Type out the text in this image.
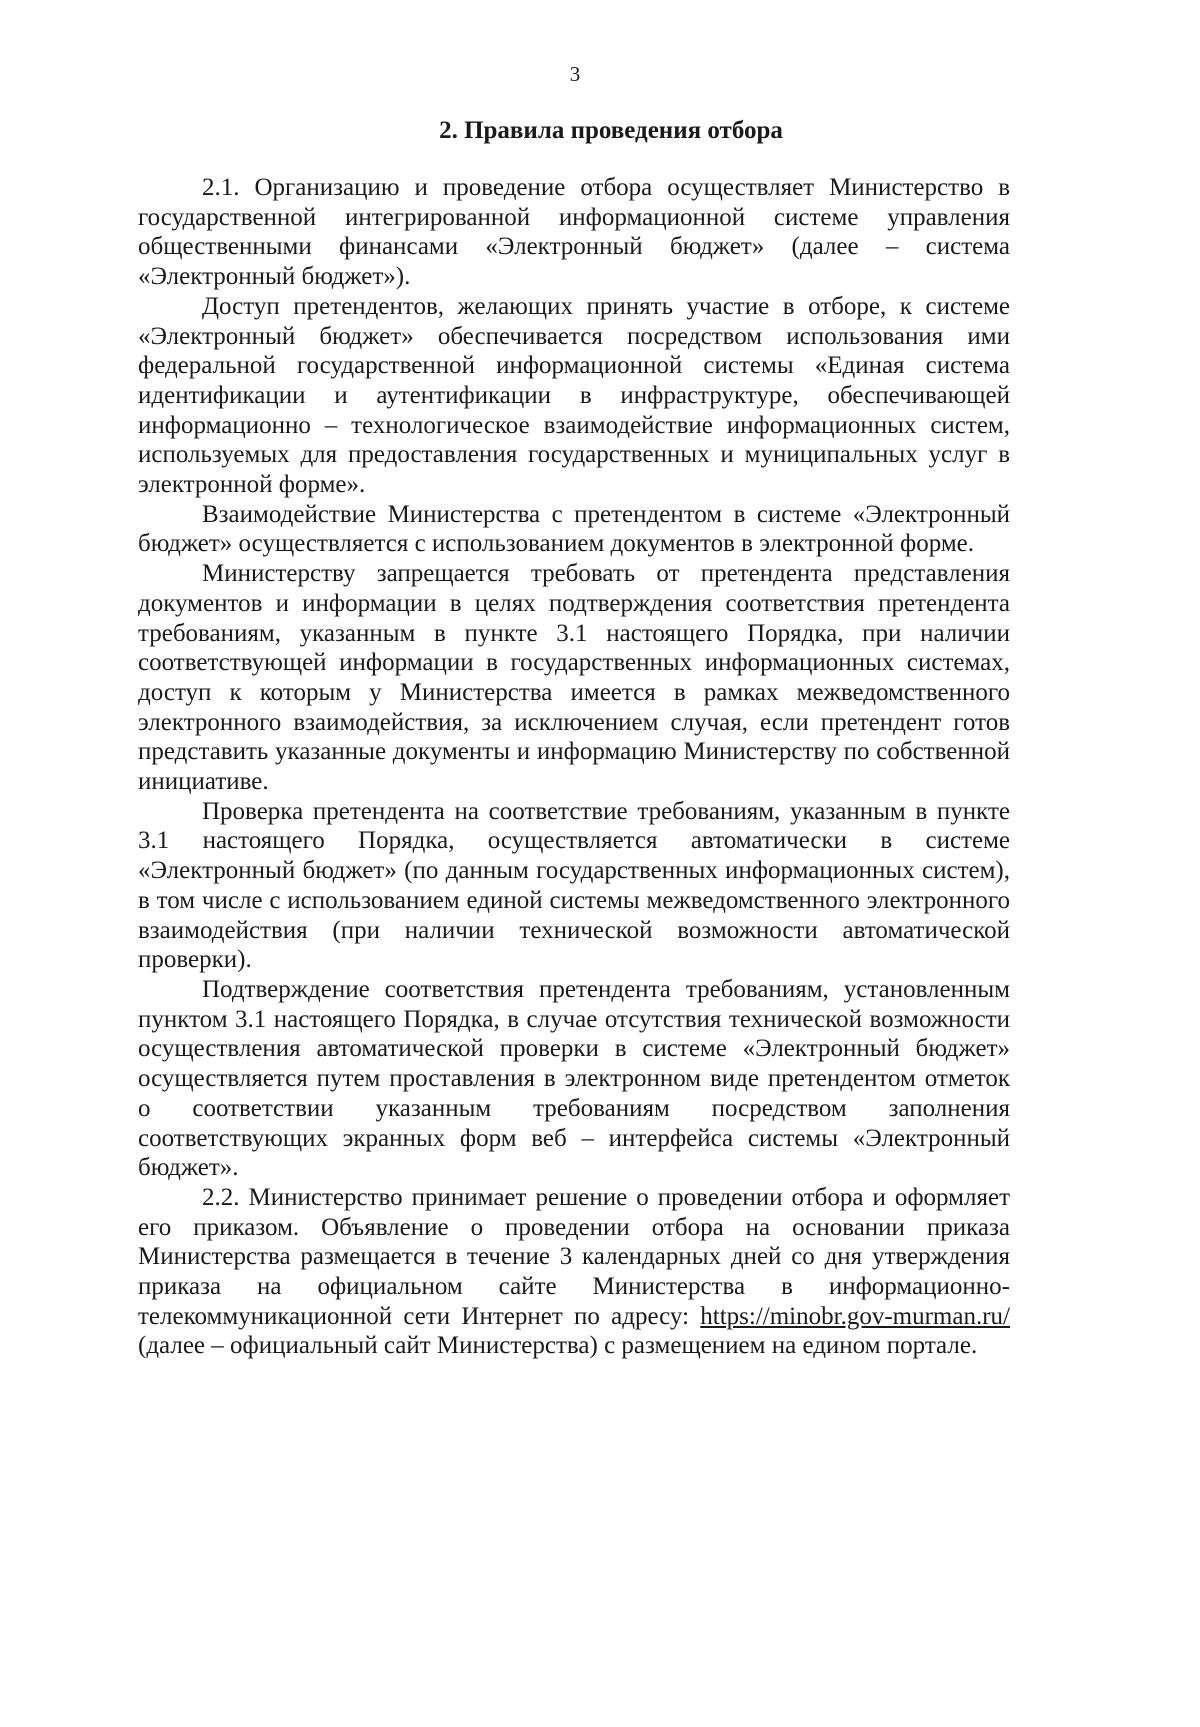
3
2. Правила проведения отбора

2.1. Организацию и проведение отбора осуществляет Министерство в государственной интегрированной информационной системе управления общественными финансами «Электронный бюджет» (далее – система «Электронный бюджет»).

Доступ претендентов, желающих принять участие в отборе, к системе «Электронный бюджет» обеспечивается посредством использования ими федеральной государственной информационной системы «Единая система идентификации и аутентификации в инфраструктуре, обеспечивающей информационно – технологическое взаимодействие информационных систем, используемых для предоставления государственных и муниципальных услуг в электронной форме».

Взаимодействие Министерства с претендентом в системе «Электронный бюджет» осуществляется с использованием документов в электронной форме.

Министерству запрещается требовать от претендента представления документов и информации в целях подтверждения соответствия претендента требованиям, указанным в пункте 3.1 настоящего Порядка, при наличии соответствующей информации в государственных информационных системах, доступ к которым у Министерства имеется в рамках межведомственного электронного взаимодействия, за исключением случая, если претендент готов представить указанные документы и информацию Министерству по собственной инициативе.

Проверка претендента на соответствие требованиям, указанным в пункте 3.1 настоящего Порядка, осуществляется автоматически в системе «Электронный бюджет» (по данным государственных информационных систем), в том числе с использованием единой системы межведомственного электронного взаимодействия (при наличии технической возможности автоматической проверки).

Подтверждение соответствия претендента требованиям, установленным пунктом 3.1 настоящего Порядка, в случае отсутствия технической возможности осуществления автоматической проверки в системе «Электронный бюджет» осуществляется путем проставления в электронном виде претендентом отметок о соответствии указанным требованиям посредством заполнения соответствующих экранных форм веб – интерфейса системы «Электронный бюджет».

2.2. Министерство принимает решение о проведении отбора и оформляет его приказом. Объявление о проведении отбора на основании приказа Министерства размещается в течение 3 календарных дней со дня утверждения приказа на официальном сайте Министерства в информационно-телекоммуникационной сети Интернет по адресу: https://minobr.gov-murman.ru/ (далее – официальный сайт Министерства) с размещением на едином портале.
